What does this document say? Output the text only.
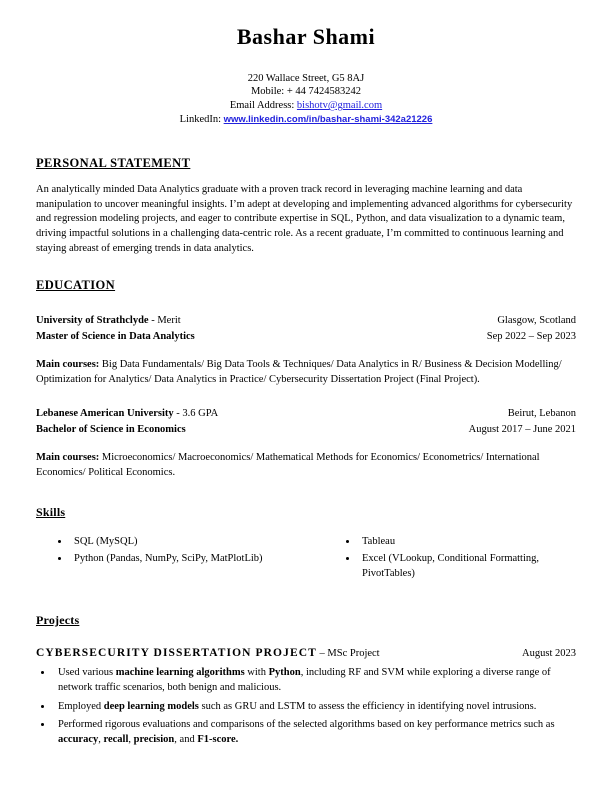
Bashar Shami
220 Wallace Street, G5 8AJ
Mobile: + 44 7424583242
Email Address: bishotv@gmail.com
LinkedIn: www.linkedin.com/in/bashar-shami-342a21226
PERSONAL STATEMENT

An analytically minded Data Analytics graduate with a proven track record in leveraging machine learning and data manipulation to uncover meaningful insights. I’m adept at developing and implementing advanced algorithms for cybersecurity and regression modeling projects, and eager to contribute expertise in SQL, Python, and data visualization to a dynamic team, driving impactful solutions in a challenging data-centric role. As a recent graduate, I’m committed to continuous learning and staying abreast of emerging trends in data analytics.

EDUCATION
University of Strathclyde - Merit	Glasgow, Scotland
Master of Science in Data Analytics	Sep 2022 – Sep 2023

Main courses: Big Data Fundamentals/ Big Data Tools & Techniques/ Data Analytics in R/ Business & Decision Modelling/ Optimization for Analytics/ Data Analytics in Practice/ Cybersecurity Dissertation Project (Final Project).

Lebanese American University - 3.6 GPA	Beirut, Lebanon
Bachelor of Science in Economics	August 2017 – June 2021

Main courses: Microeconomics/ Macroeconomics/ Mathematical Methods for Economics/ Econometrics/ International Economics/ Political Economics.

Skills
• SQL (MySQL)
• Python (Pandas, NumPy, SciPy, MatPlotLib)
• Tableau
• Excel (VLookup, Conditional Formatting, PivotTables)
Projects
CYBERSECURITY DISSERTATION PROJECT – MSc Project	August 2023
• Used various machine learning algorithms with Python, including RF and SVM while exploring a diverse range of network traffic scenarios, both benign and malicious.
• Employed deep learning models such as GRU and LSTM to assess the efficiency in identifying novel intrusions.
• Performed rigorous evaluations and comparisons of the selected algorithms based on key performance metrics such as accuracy, recall, precision, and F1-score.
